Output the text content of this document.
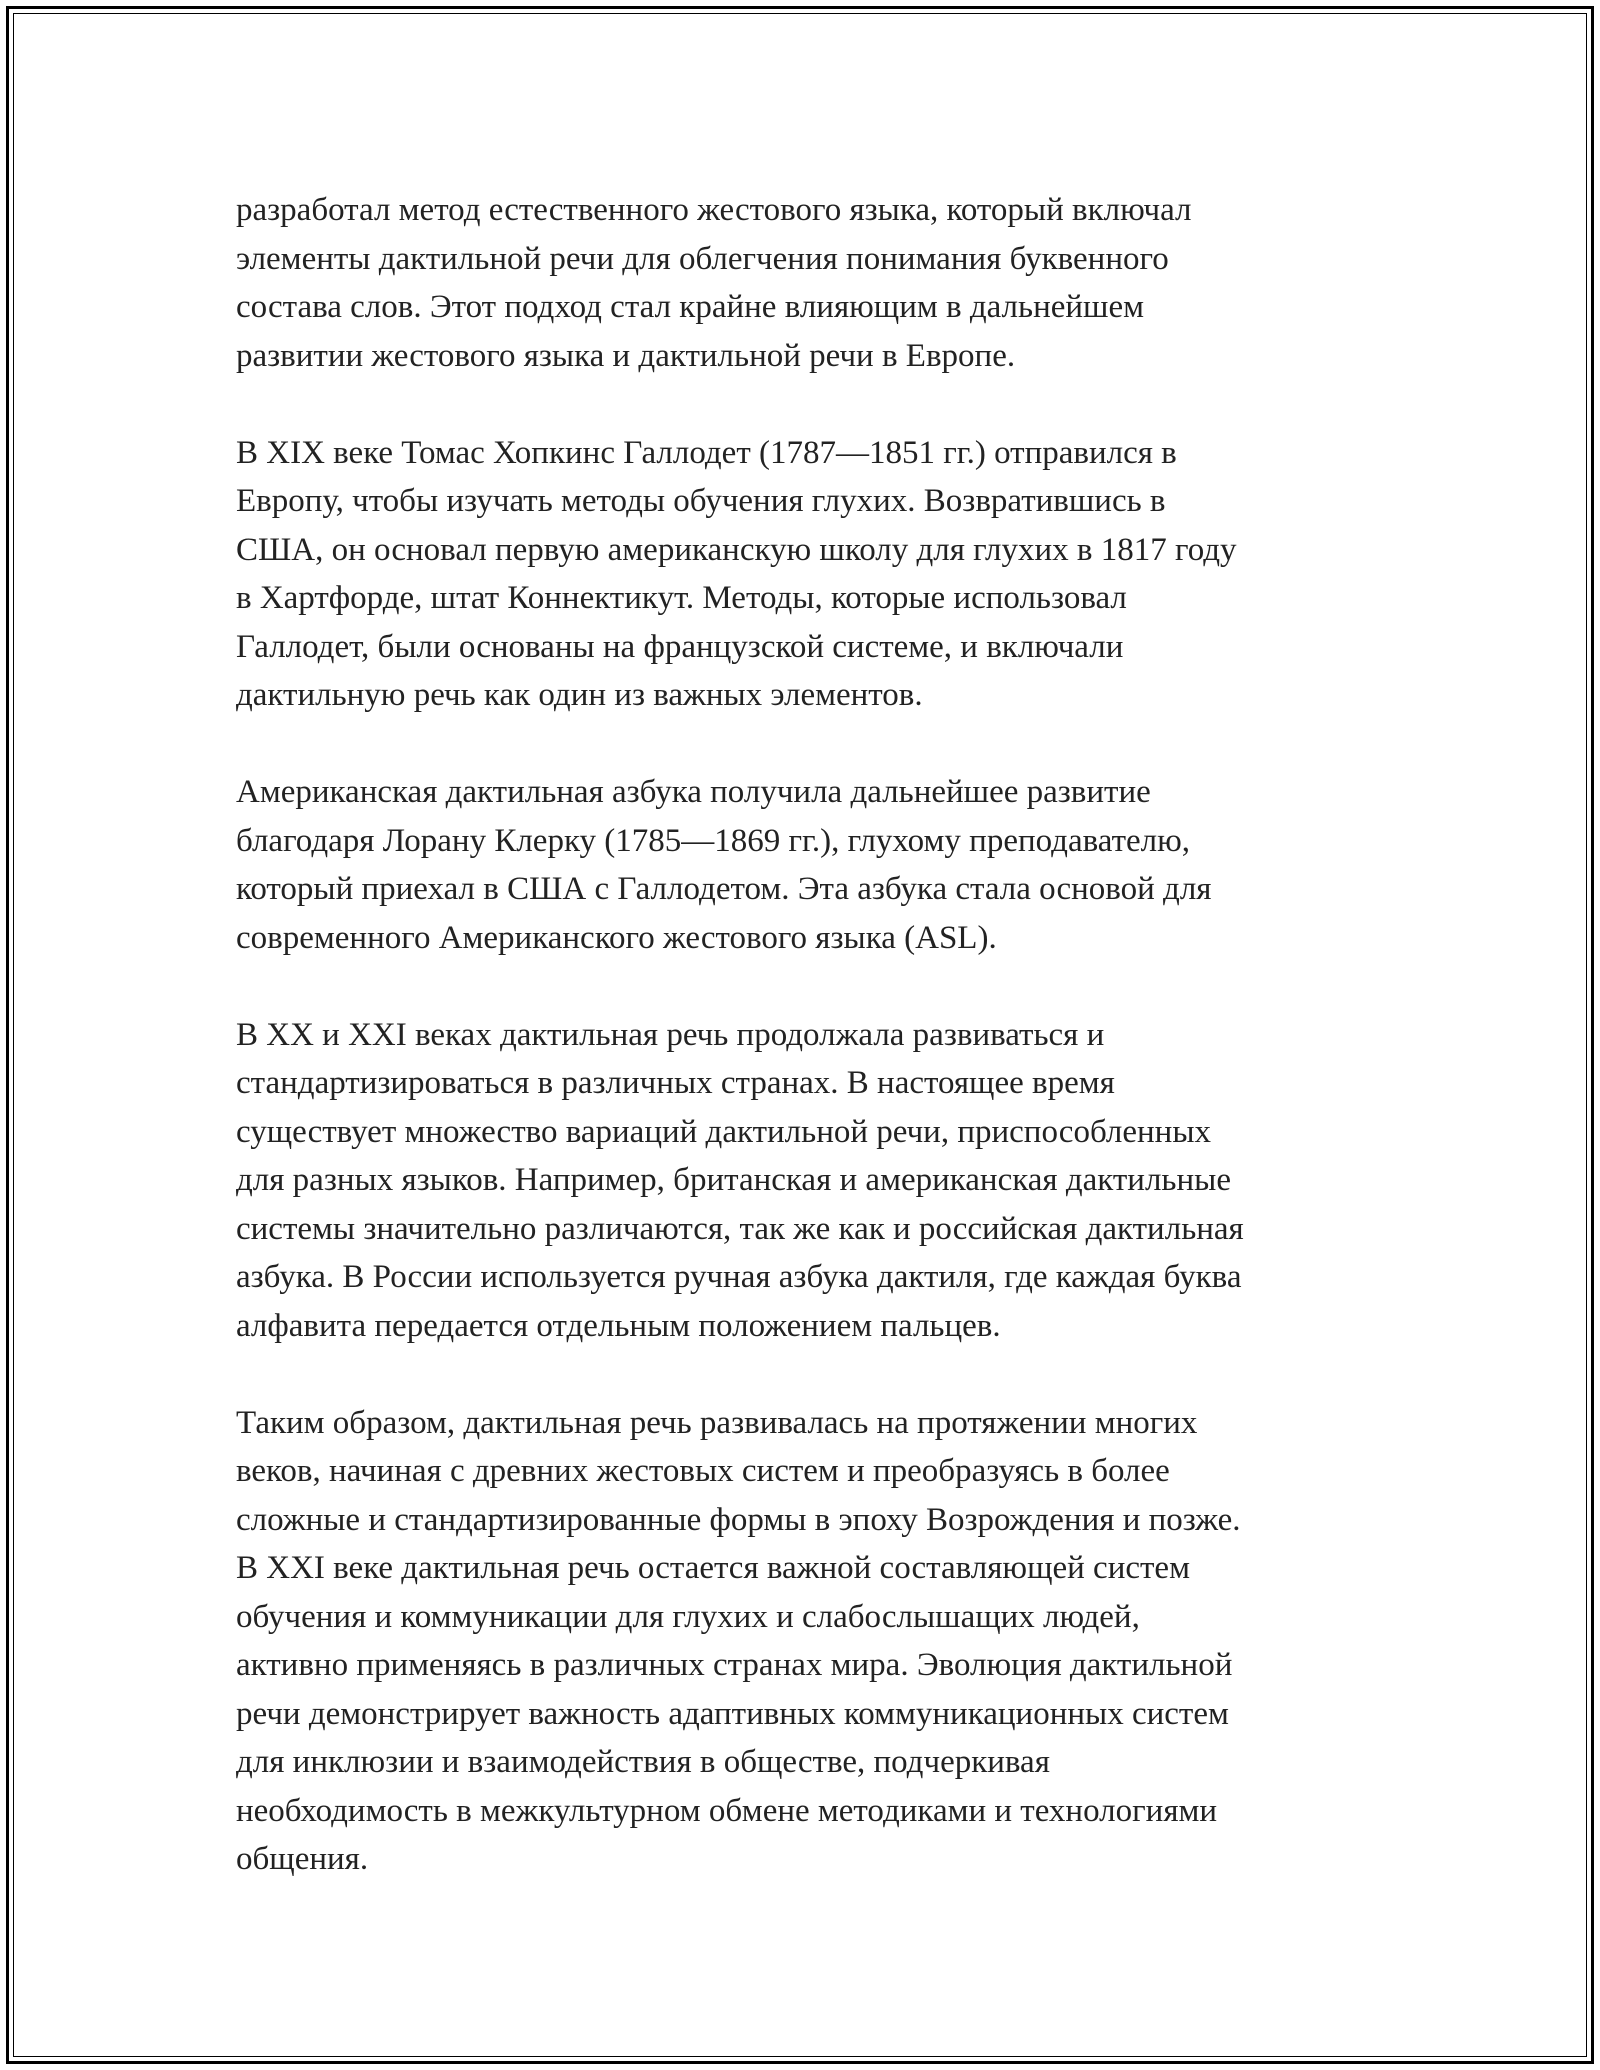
разработал метод естественного жестового языка, который включал
элементы дактильной речи для облегчения понимания буквенного
состава слов. Этот подход стал крайне влияющим в дальнейшем
развитии жестового языка и дактильной речи в Европе.

В XIX веке Томас Хопкинс Галлодет (1787—1851 гг.) отправился в
Европу, чтобы изучать методы обучения глухих. Возвратившись в
США, он основал первую американскую школу для глухих в 1817 году
в Хартфорде, штат Коннектикут. Методы, которые использовал
Галлодет, были основаны на французской системе, и включали
дактильную речь как один из важных элементов.

Американская дактильная азбука получила дальнейшее развитие
благодаря Лорану Клерку (1785—1869 гг.), глухому преподавателю,
который приехал в США с Галлодетом. Эта азбука стала основой для
современного Американского жестового языка (ASL).

В XX и XXI веках дактильная речь продолжала развиваться и
стандартизироваться в различных странах. В настоящее время
существует множество вариаций дактильной речи, приспособленных
для разных языков. Например, британская и американская дактильные
системы значительно различаются, так же как и российская дактильная
азбука. В России используется ручная азбука дактиля, где каждая буква
алфавита передается отдельным положением пальцев.

Таким образом, дактильная речь развивалась на протяжении многих
веков, начиная с древних жестовых систем и преобразуясь в более
сложные и стандартизированные формы в эпоху Возрождения и позже.
В XXI веке дактильная речь остается важной составляющей систем
обучения и коммуникации для глухих и слабослышащих людей,
активно применяясь в различных странах мира. Эволюция дактильной
речи демонстрирует важность адаптивных коммуникационных систем
для инклюзии и взаимодействия в обществе, подчеркивая
необходимость в межкультурном обмене методиками и технологиями
общения.
